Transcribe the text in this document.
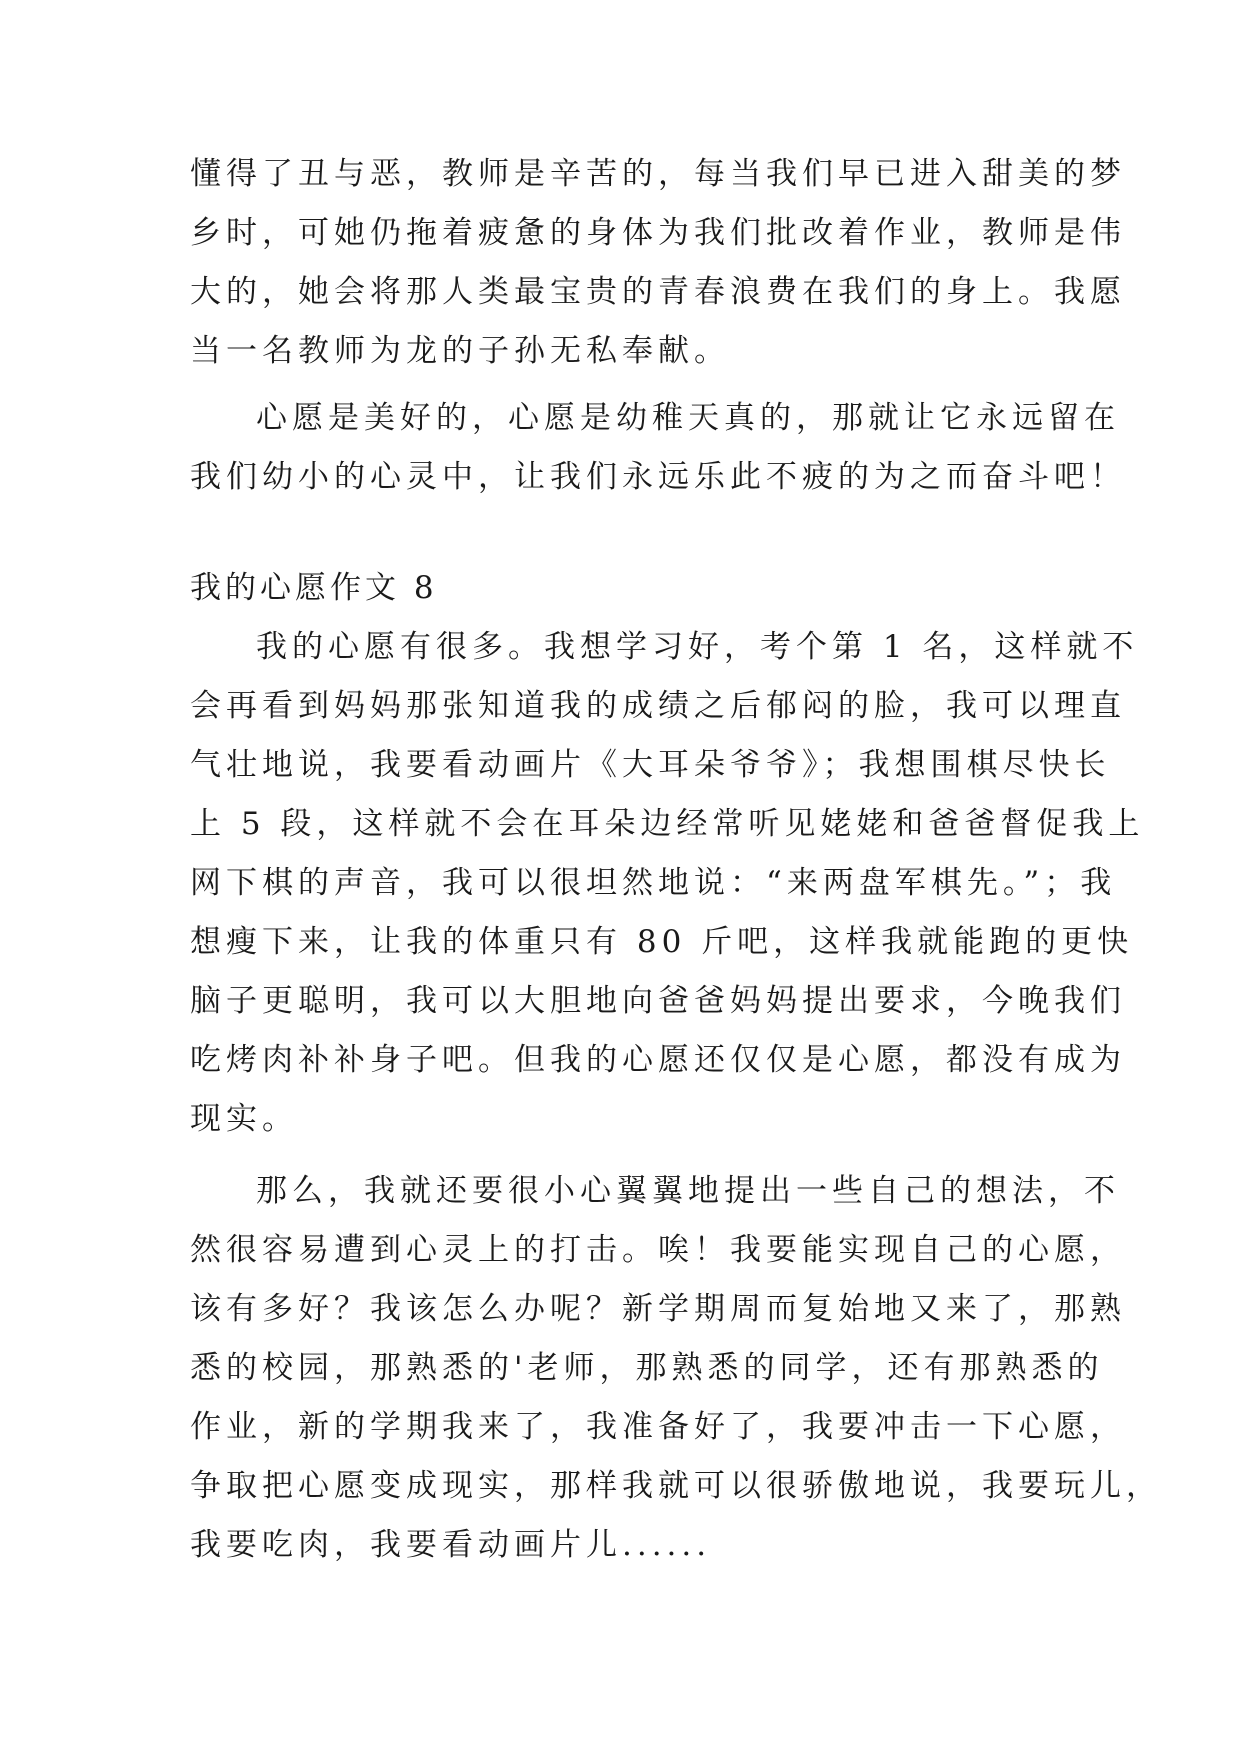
懂得了丑与恶，教师是辛苦的，每当我们早已进入甜美的梦
乡时，可她仍拖着疲惫的身体为我们批改着作业，教师是伟
大的，她会将那人类最宝贵的青春浪费在我们的身上。我愿
当一名教师为龙的子孙无私奉献。
心愿是美好的，心愿是幼稚天真的，那就让它永远留在
我们幼小的心灵中，让我们永远乐此不疲的为之而奋斗吧！
我的心愿作文 8
我的心愿有很多。我想学习好，考个第 1 名，这样就不
会再看到妈妈那张知道我的成绩之后郁闷的脸，我可以理直
气壮地说，我要看动画片《大耳朵爷爷》；我想围棋尽快长
上 5 段，这样就不会在耳朵边经常听见姥姥和爸爸督促我上
网下棋的声音，我可以很坦然地说：“来两盘军棋先。”；我
想瘦下来，让我的体重只有 80 斤吧，这样我就能跑的更快
脑子更聪明，我可以大胆地向爸爸妈妈提出要求，今晚我们
吃烤肉补补身子吧。但我的心愿还仅仅是心愿，都没有成为
现实。
那么，我就还要很小心翼翼地提出一些自己的想法，不
然很容易遭到心灵上的打击。唉！我要能实现自己的心愿，
该有多好？我该怎么办呢？新学期周而复始地又来了，那熟
悉的校园，那熟悉的'老师，那熟悉的同学，还有那熟悉的
作业，新的学期我来了，我准备好了，我要冲击一下心愿，
争取把心愿变成现实，那样我就可以很骄傲地说，我要玩儿，
我要吃肉，我要看动画片儿......
